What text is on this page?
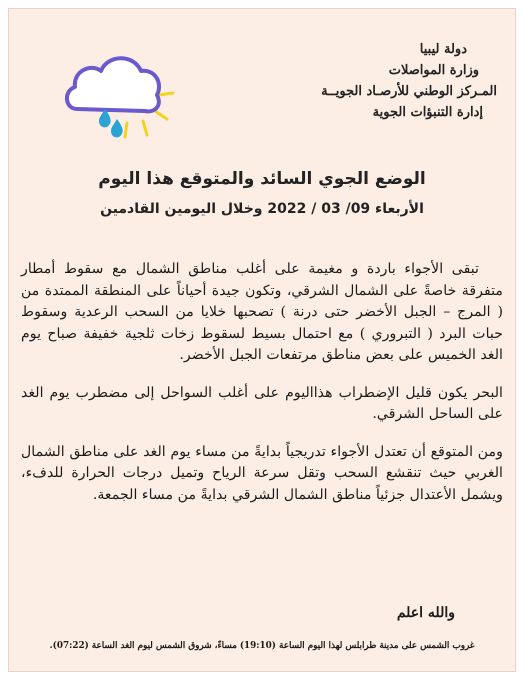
دولة ليبيا
وزارة المواصلات
المـركز الوطني للأرصـاد الجويــة
إدارة التنبؤات الجوية
الوضع الجوي السائد والمتوقع هذا اليوم
الأربعاء 09/ 03 / 2022 وخلال اليومين القادمين

تبقى الأجواء باردة و مغيمة على أغلب مناطق الشمال مع سقوط أمطار متفرقة خاصةً على الشمال الشرقي، وتكون جيدة أحياناً على المنطقة الممتدة من ( المرج – الجبل الأخضر حتى درنة ) تصحبها خلايا من السحب الرعدية وسقوط حبات البرد ( التبروري ) مع احتمال بسيط لسقوط زخات ثلجية خفيفة صباح يوم الغد الخميس على بعض مناطق مرتفعات الجبل الأخضر.

البحر يكون قليل الإضطراب هذااليوم على أغلب السواحل إلى مضطرب يوم الغد على الساحل الشرقي.

ومن المتوقع أن تعتدل الأجواء تدريجياً بدايةً من مساء يوم الغد على مناطق الشمال الغربي حيث تنقشع السحب وتقل سرعة الرياح وتميل درجات الحرارة للدفء، ويشمل الأعتدال جزئياً مناطق الشمال الشرقي بدايةً من مساء الجمعة.

والله اعلم
غروب الشمس على مدينة طرابلس لهذا اليوم الساعة (19:10) مساءً، شروق الشمس ليوم الغد الساعة (07:22).
